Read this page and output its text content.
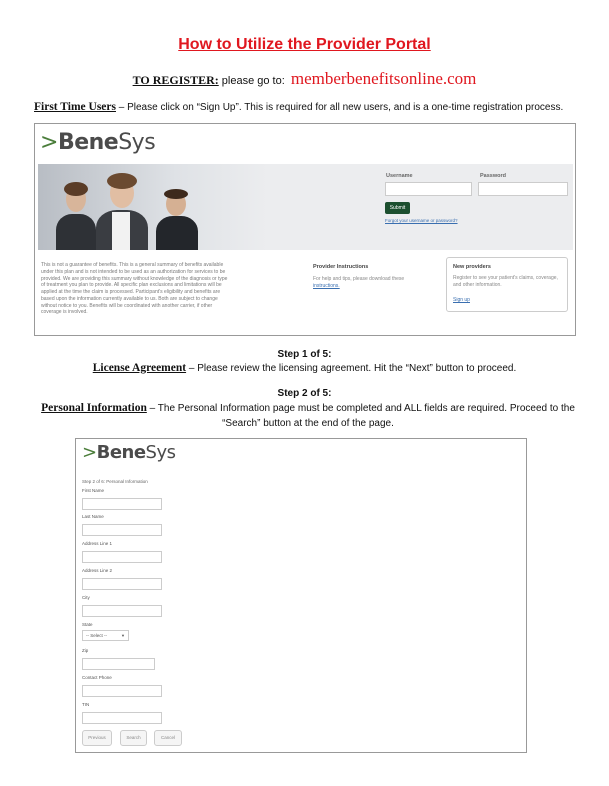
How to Utilize the Provider Portal
TO REGISTER: please go to: memberbenefitsonline.com
First Time Users – Please click on “Sign Up”. This is required for all new users, and is a one-time registration process.
>BeneSys
Username	Password
Submit
Forgot your username or password?
This is not a guarantee of benefits. This is a general summary of benefits available under this plan and is not intended to be used as an authorization for services to be provided. We are providing this summary without knowledge of the diagnosis or type of treatment you plan to provide. All specific plan exclusions and limitations will be applied at the time the claim is processed. Participant's eligibility and benefits are based upon the information currently available to us. Both are subject to change without notice to you. Benefits will be coordinated with another carrier, if other coverage is involved.
Provider Instructions
For help and tips, please download these instructions.
New providers
Register to see your patient's claims, coverage, and other information.
Sign up
Step 1 of 5:
License Agreement – Please review the licensing agreement. Hit the “Next” button to proceed.
Step 2 of 5:
Personal Information – The Personal Information page must be completed and ALL fields are required. Proceed to the “Search” button at the end of the page.
>BeneSys
Step 2 of 6: Personal Information
First Name
Last Name
Address Line 1
Address Line 2
City
State
-- Select --	▼
Zip
Contact Phone
TIN
Previous	Search	Cancel
